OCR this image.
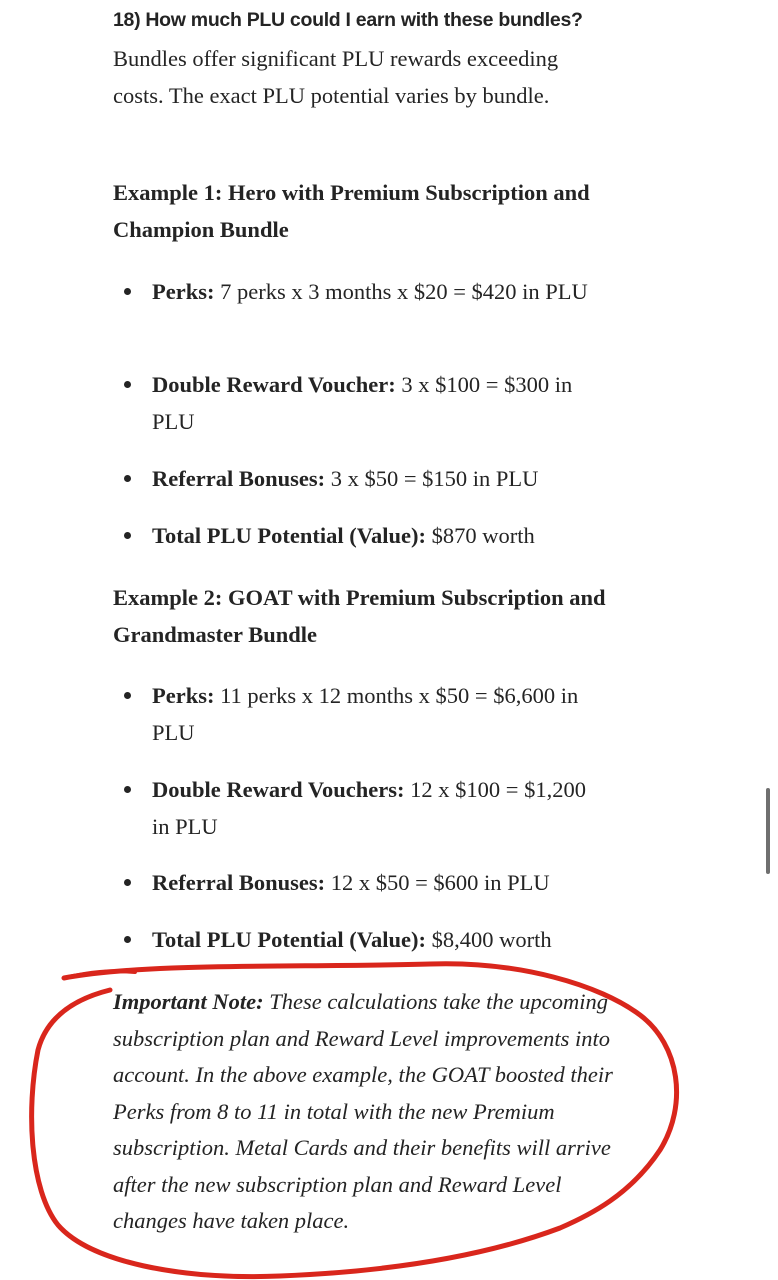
18) How much PLU could I earn with these bundles?

Bundles offer significant PLU rewards exceeding costs. The exact PLU potential varies by bundle.

Example 1: Hero with Premium Subscription and Champion Bundle

Perks: 7 perks x 3 months x $20 = $420 in PLU
Double Reward Voucher: 3 x $100 = $300 in PLU
Referral Bonuses: 3 x $50 = $150 in PLU
Total PLU Potential (Value): $870 worth

Example 2: GOAT with Premium Subscription and Grandmaster Bundle

Perks: 11 perks x 12 months x $50 = $6,600 in PLU
Double Reward Vouchers: 12 x $100 = $1,200 in PLU
Referral Bonuses: 12 x $50 = $600 in PLU
Total PLU Potential (Value): $8,400 worth

Important Note: These calculations take the upcoming subscription plan and Reward Level improvements into account. In the above example, the GOAT boosted their Perks from 8 to 11 in total with the new Premium subscription. Metal Cards and their benefits will arrive after the new subscription plan and Reward Level changes have taken place.
